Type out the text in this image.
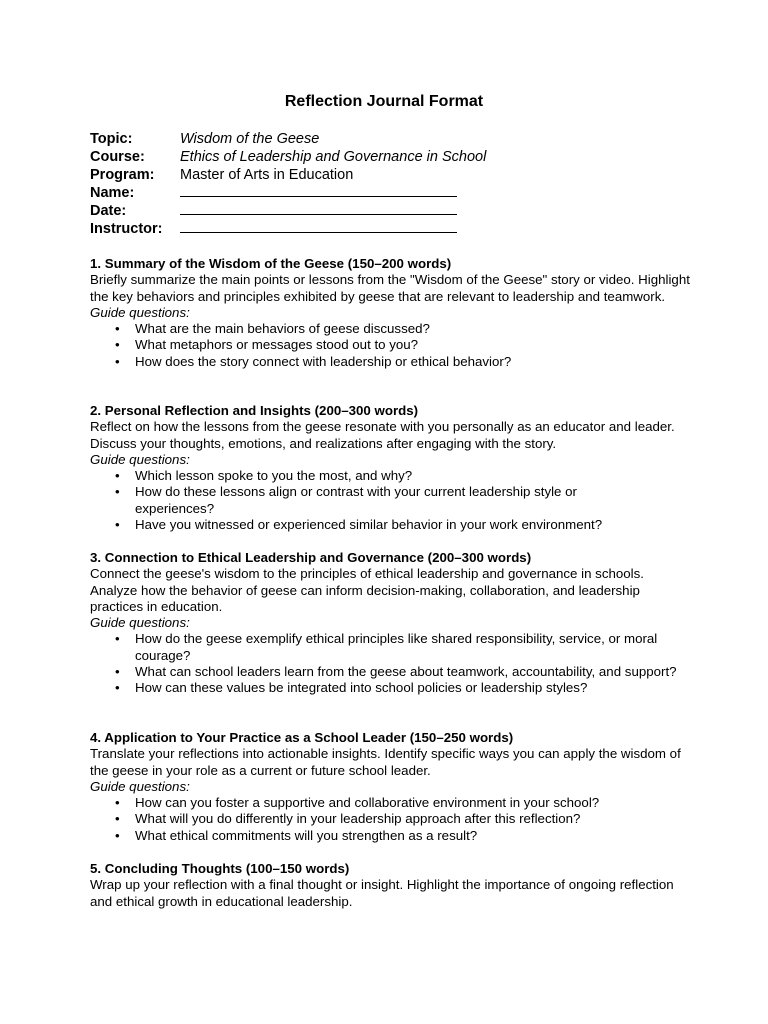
Reflection Journal Format
Topic:	Wisdom of the Geese
Course: Ethics of Leadership and Governance in School
Program: Master of Arts in Education
Name:
Date:
Instructor:
1. Summary of the Wisdom of the Geese (150–200 words)
Briefly summarize the main points or lessons from the "Wisdom of the Geese" story or video. Highlight the key behaviors and principles exhibited by geese that are relevant to leadership and teamwork.
Guide questions:
• What are the main behaviors of geese discussed?
• What metaphors or messages stood out to you?
• How does the story connect with leadership or ethical behavior?
2. Personal Reflection and Insights (200–300 words)
Reflect on how the lessons from the geese resonate with you personally as an educator and leader. Discuss your thoughts, emotions, and realizations after engaging with the story.
Guide questions:
• Which lesson spoke to you the most, and why?
• How do these lessons align or contrast with your current leadership style or experiences?
• Have you witnessed or experienced similar behavior in your work environment?
3. Connection to Ethical Leadership and Governance (200–300 words)
Connect the geese's wisdom to the principles of ethical leadership and governance in schools. Analyze how the behavior of geese can inform decision-making, collaboration, and leadership practices in education.
Guide questions:
• How do the geese exemplify ethical principles like shared responsibility, service, or moral courage?
• What can school leaders learn from the geese about teamwork, accountability, and support?
• How can these values be integrated into school policies or leadership styles?
4. Application to Your Practice as a School Leader (150–250 words)
Translate your reflections into actionable insights. Identify specific ways you can apply the wisdom of the geese in your role as a current or future school leader.
Guide questions:
• How can you foster a supportive and collaborative environment in your school?
• What will you do differently in your leadership approach after this reflection?
• What ethical commitments will you strengthen as a result?
5. Concluding Thoughts (100–150 words)
Wrap up your reflection with a final thought or insight. Highlight the importance of ongoing reflection and ethical growth in educational leadership.
